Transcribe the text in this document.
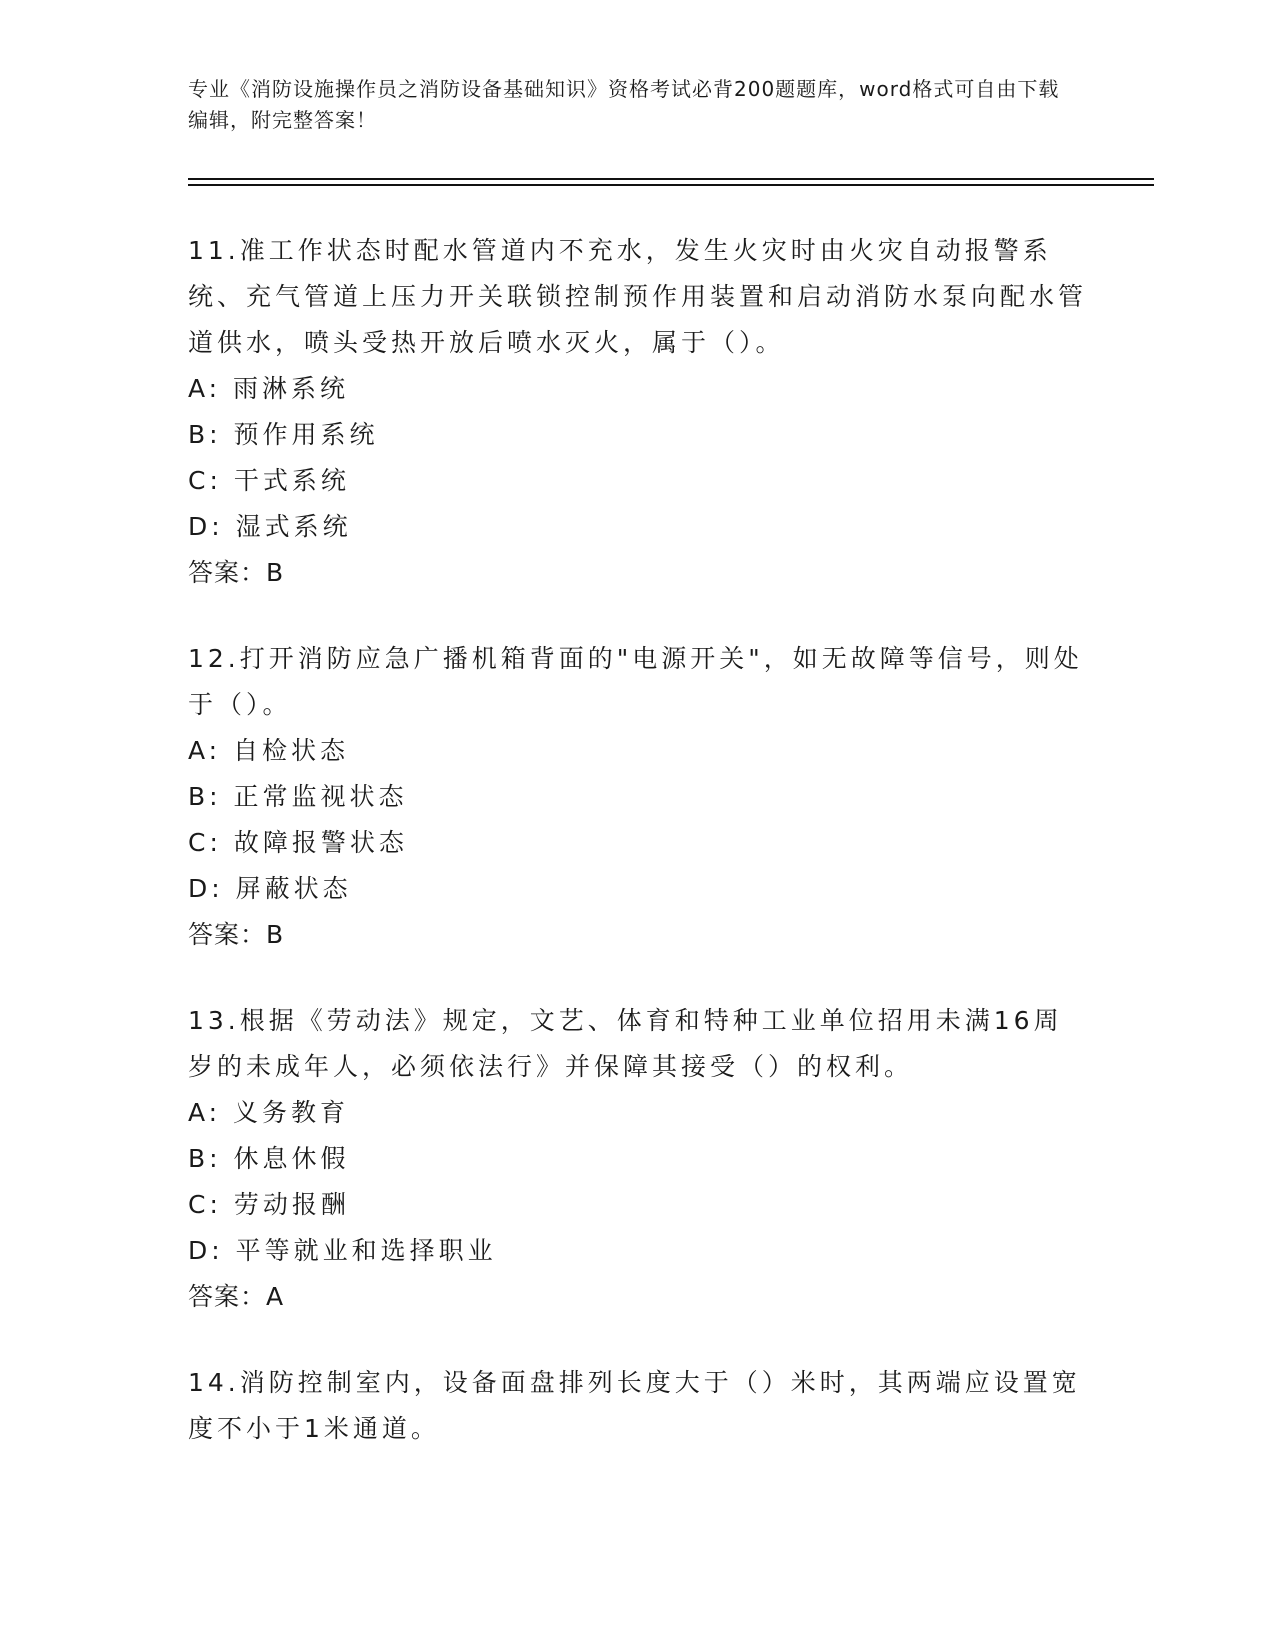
专业《消防设施操作员之消防设备基础知识》资格考试必背200题题库，word格式可自由下载编辑，附完整答案！

11.准工作状态时配水管道内不充水，发生火灾时由火灾自动报警系统、充气管道上压力开关联锁控制预作用装置和启动消防水泵向配水管道供水，喷头受热开放后喷水灭火，属于（）。

A: 雨淋系统

B: 预作用系统

C: 干式系统

D: 湿式系统

答案：B

12.打开消防应急广播机箱背面的"电源开关"，如无故障等信号，则处于（）。

A: 自检状态

B: 正常监视状态

C: 故障报警状态

D: 屏蔽状态

答案：B

13.根据《劳动法》规定，文艺、体育和特种工业单位招用未满16周岁的未成年人，必须依法行》并保障其接受（）的权利。

A: 义务教育

B: 休息休假

C: 劳动报酬

D: 平等就业和选择职业

答案：A

14.消防控制室内，设备面盘排列长度大于（）米时，其两端应设置宽度不小于1米通道。
